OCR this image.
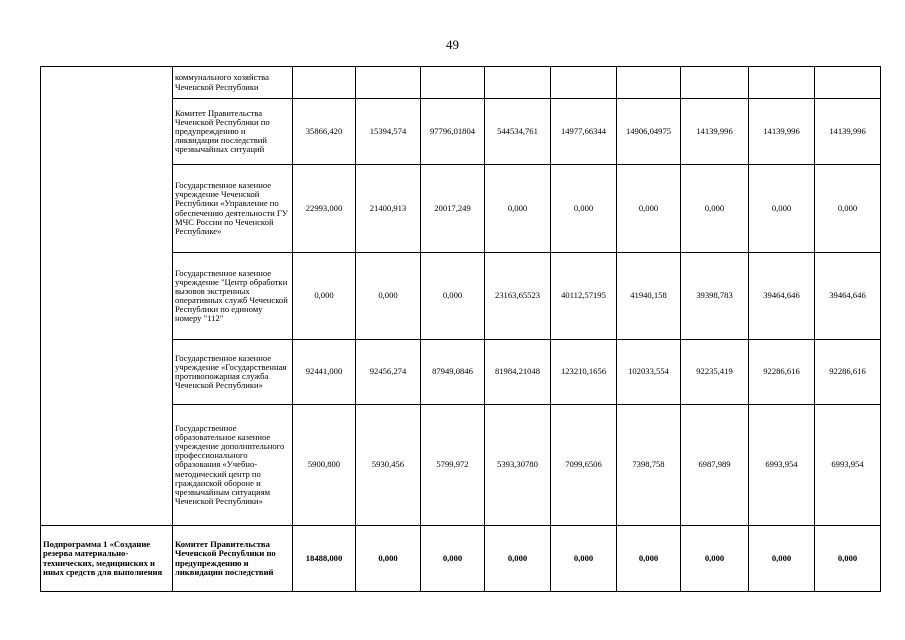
49
	коммунального хозяйства Чеченской Республики									
	Комитет Правительства Чеченской Республики по предупреждению и ликвидации последствий чрезвычайных ситуаций	35866,420	15394,574	97796,01804	544534,761	14977,66344	14906,04975	14139,996	14139,996	14139,996
	Государственное казенное учреждение Чеченской Республики «Управление по обеспечению деятельности ГУ МЧС России по Чеченской Республике»	22993,000	21400,913	20017,249	0,000	0,000	0,000	0,000	0,000	0,000
	Государственное казенное учреждение "Центр обработки вызовов экстренных оперативных служб Чеченской Республики по единому номеру "112"	0,000	0,000	0,000	23163,65523	40112,57195	41940,158	39398,783	39464,646	39464,646
	Государственное казенное учреждение «Государственная противопожарная служба Чеченской Республики»	92441,000	92456,274	87949,0846	81984,21048	123210,1656	102033,554	92235,419	92286,616	92286,616
	Государственное образовательное казенное учреждение дополнительного профессионального образования «Учебно-методический центр по гражданской обороне и чрезвычайным ситуациям Чеченской Республики»	5900,800	5930,456	5799,972	5393,30780	7099,6506	7398,758	6987,989	6993,954	6993,954
Подпрограмма 1 «Создание резерва материально-технических, медицинских и иных средств для выполнения	Комитет Правительства Чеченской Республики по предупреждению и ликвидации последствий	18488,000	0,000	0,000	0,000	0,000	0,000	0,000	0,000	0,000
